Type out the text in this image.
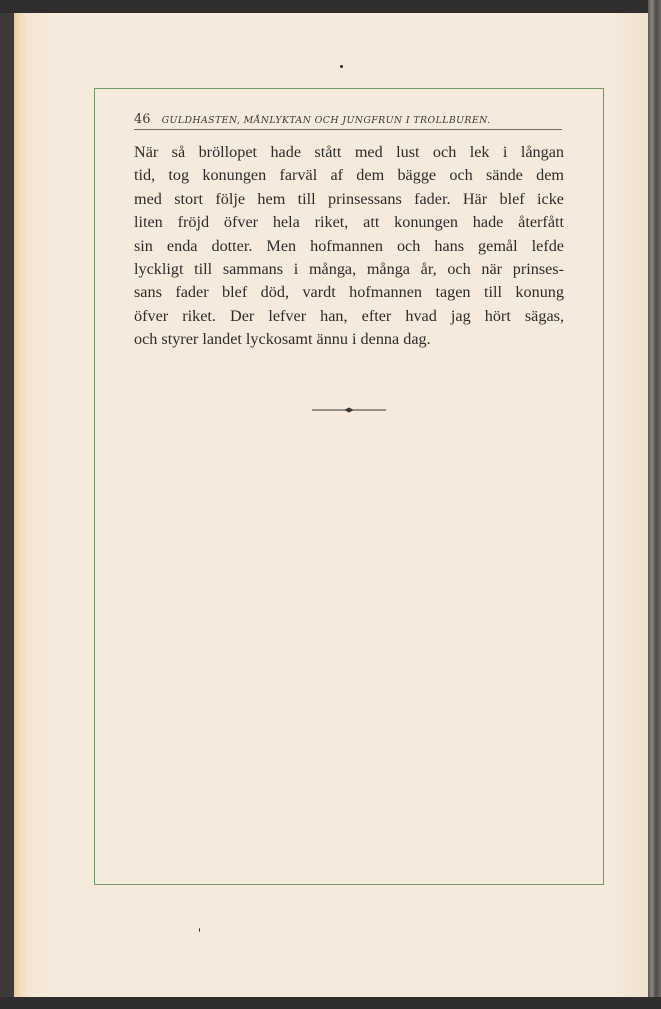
46 GULDHASTEN, MÅNLYKTAN OCH JUNGFRUN I TROLLBUREN.
När så bröllopet hade stått med lust och lek i långan
tid, tog konungen farväl af dem bägge och sände dem
med stort följe hem till prinsessans fader. Här blef icke
liten fröjd öfver hela riket, att konungen hade återfått
sin enda dotter. Men hofmannen och hans gemål lefde
lyckligt till sammans i många, många år, och när prinses-
sans fader blef död, vardt hofmannen tagen till konung
öfver riket. Der lefver han, efter hvad jag hört sägas,
och styrer landet lyckosamt ännu i denna dag.
